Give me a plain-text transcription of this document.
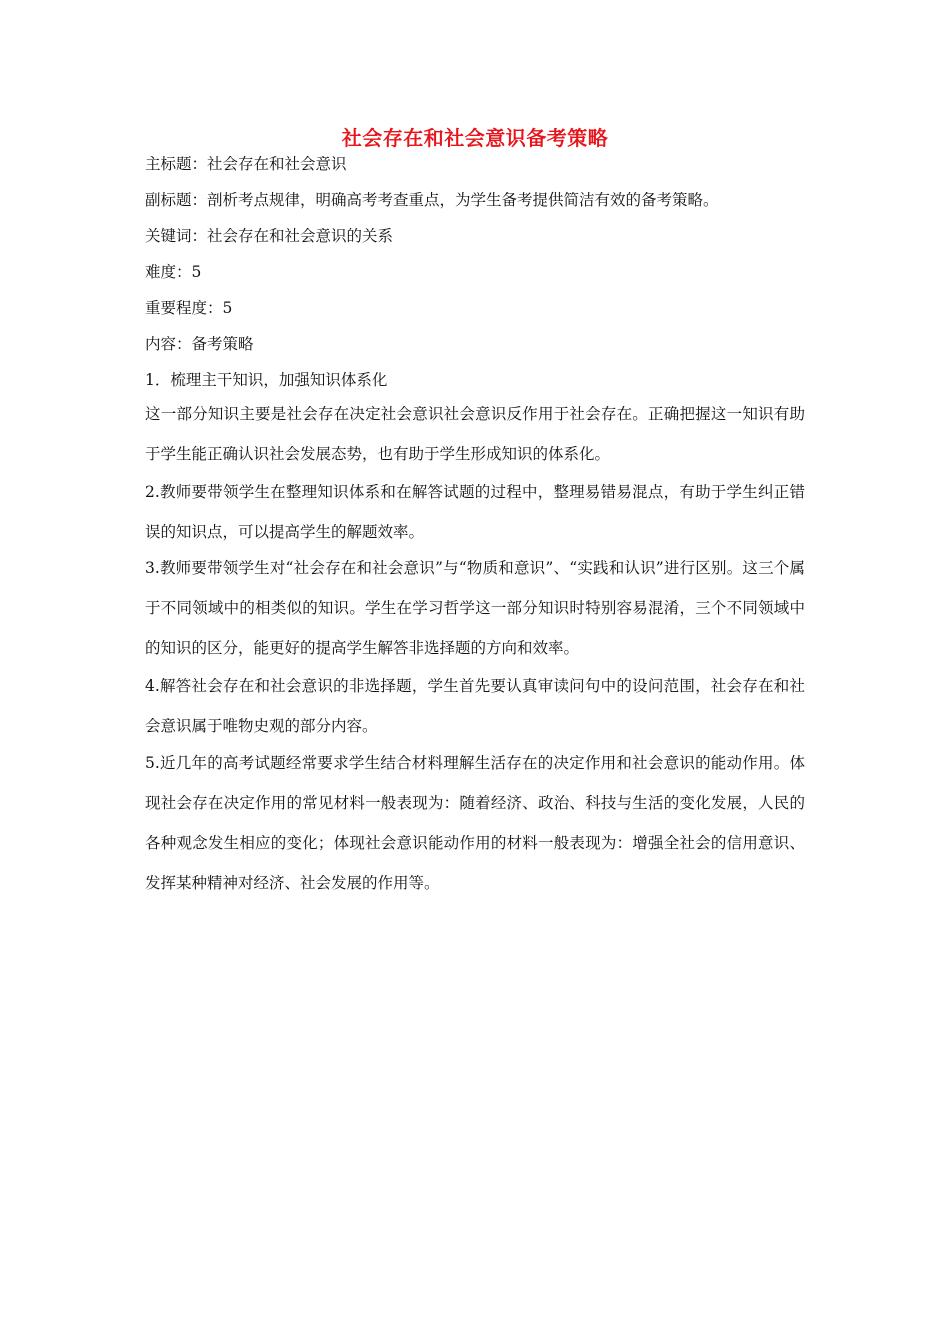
社会存在和社会意识备考策略
主标题：社会存在和社会意识
副标题：剖析考点规律，明确高考考查重点，为学生备考提供简洁有效的备考策略。
关键词：社会存在和社会意识的关系
难度：5
重要程度：5
内容：备考策略
1．梳理主干知识，加强知识体系化

这一部分知识主要是社会存在决定社会意识社会意识反作用于社会存在。正确把握这一知识有助于学生能正确认识社会发展态势，也有助于学生形成知识的体系化。

2.教师要带领学生在整理知识体系和在解答试题的过程中，整理易错易混点，有助于学生纠正错误的知识点，可以提高学生的解题效率。

3.教师要带领学生对“社会存在和社会意识”与“物质和意识”、“实践和认识”进行区别。这三个属于不同领域中的相类似的知识。学生在学习哲学这一部分知识时特别容易混淆，三个不同领域中的知识的区分，能更好的提高学生解答非选择题的方向和效率。

4.解答社会存在和社会意识的非选择题，学生首先要认真审读问句中的设问范围，社会存在和社会意识属于唯物史观的部分内容。

5.近几年的高考试题经常要求学生结合材料理解生活存在的决定作用和社会意识的能动作用。体现社会存在决定作用的常见材料一般表现为：随着经济、政治、科技与生活的变化发展，人民的各种观念发生相应的变化；体现社会意识能动作用的材料一般表现为：增强全社会的信用意识、发挥某种精神对经济、社会发展的作用等。
